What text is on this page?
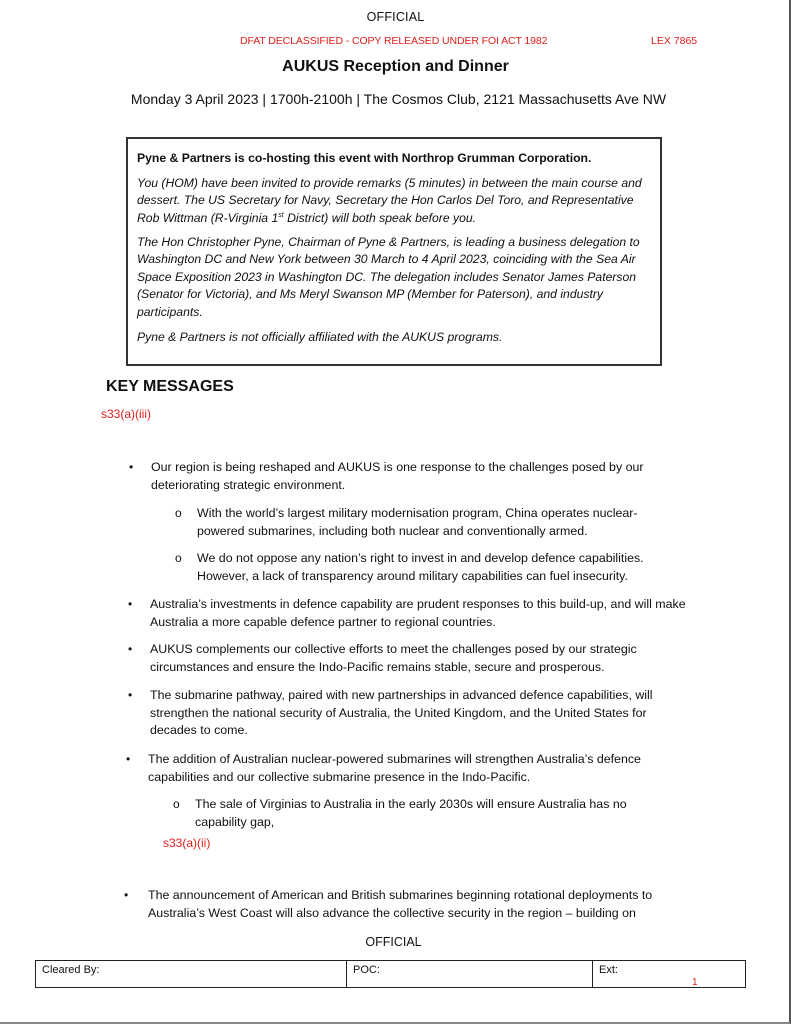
OFFICIAL
DFAT DECLASSIFIED - COPY RELEASED UNDER FOI ACT 1982	LEX 7865
AUKUS Reception and Dinner
Monday 3 April 2023 | 1700h-2100h | The Cosmos Club, 2121 Massachusetts Ave NW

Pyne & Partners is co-hosting this event with Northrop Grumman Corporation.

You (HOM) have been invited to provide remarks (5 minutes) in between the main course and dessert. The US Secretary for Navy, Secretary the Hon Carlos Del Toro, and Representative Rob Wittman (R-Virginia 1st District) will both speak before you.

The Hon Christopher Pyne, Chairman of Pyne & Partners, is leading a business delegation to Washington DC and New York between 30 March to 4 April 2023, coinciding with the Sea Air Space Exposition 2023 in Washington DC. The delegation includes Senator James Paterson (Senator for Victoria), and Ms Meryl Swanson MP (Member for Paterson), and industry participants.

Pyne & Partners is not officially affiliated with the AUKUS programs.

KEY MESSAGES
s33(a)(iii)
• Our region is being reshaped and AUKUS is one response to the challenges posed by our deteriorating strategic environment.
o With the world’s largest military modernisation program, China operates nuclear-powered submarines, including both nuclear and conventionally armed.
o We do not oppose any nation’s right to invest in and develop defence capabilities. However, a lack of transparency around military capabilities can fuel insecurity.
• Australia’s investments in defence capability are prudent responses to this build-up, and will make Australia a more capable defence partner to regional countries.
• AUKUS complements our collective efforts to meet the challenges posed by our strategic circumstances and ensure the Indo-Pacific remains stable, secure and prosperous.
• The submarine pathway, paired with new partnerships in advanced defence capabilities, will strengthen the national security of Australia, the United Kingdom, and the United States for decades to come.
• The addition of Australian nuclear-powered submarines will strengthen Australia’s defence capabilities and our collective submarine presence in the Indo-Pacific.
o The sale of Virginias to Australia in the early 2030s will ensure Australia has no capability gap,
s33(a)(ii)
• The announcement of American and British submarines beginning rotational deployments to Australia’s West Coast will also advance the collective security in the region – building on
OFFICIAL
Cleared By:	POC:	Ext:
1
